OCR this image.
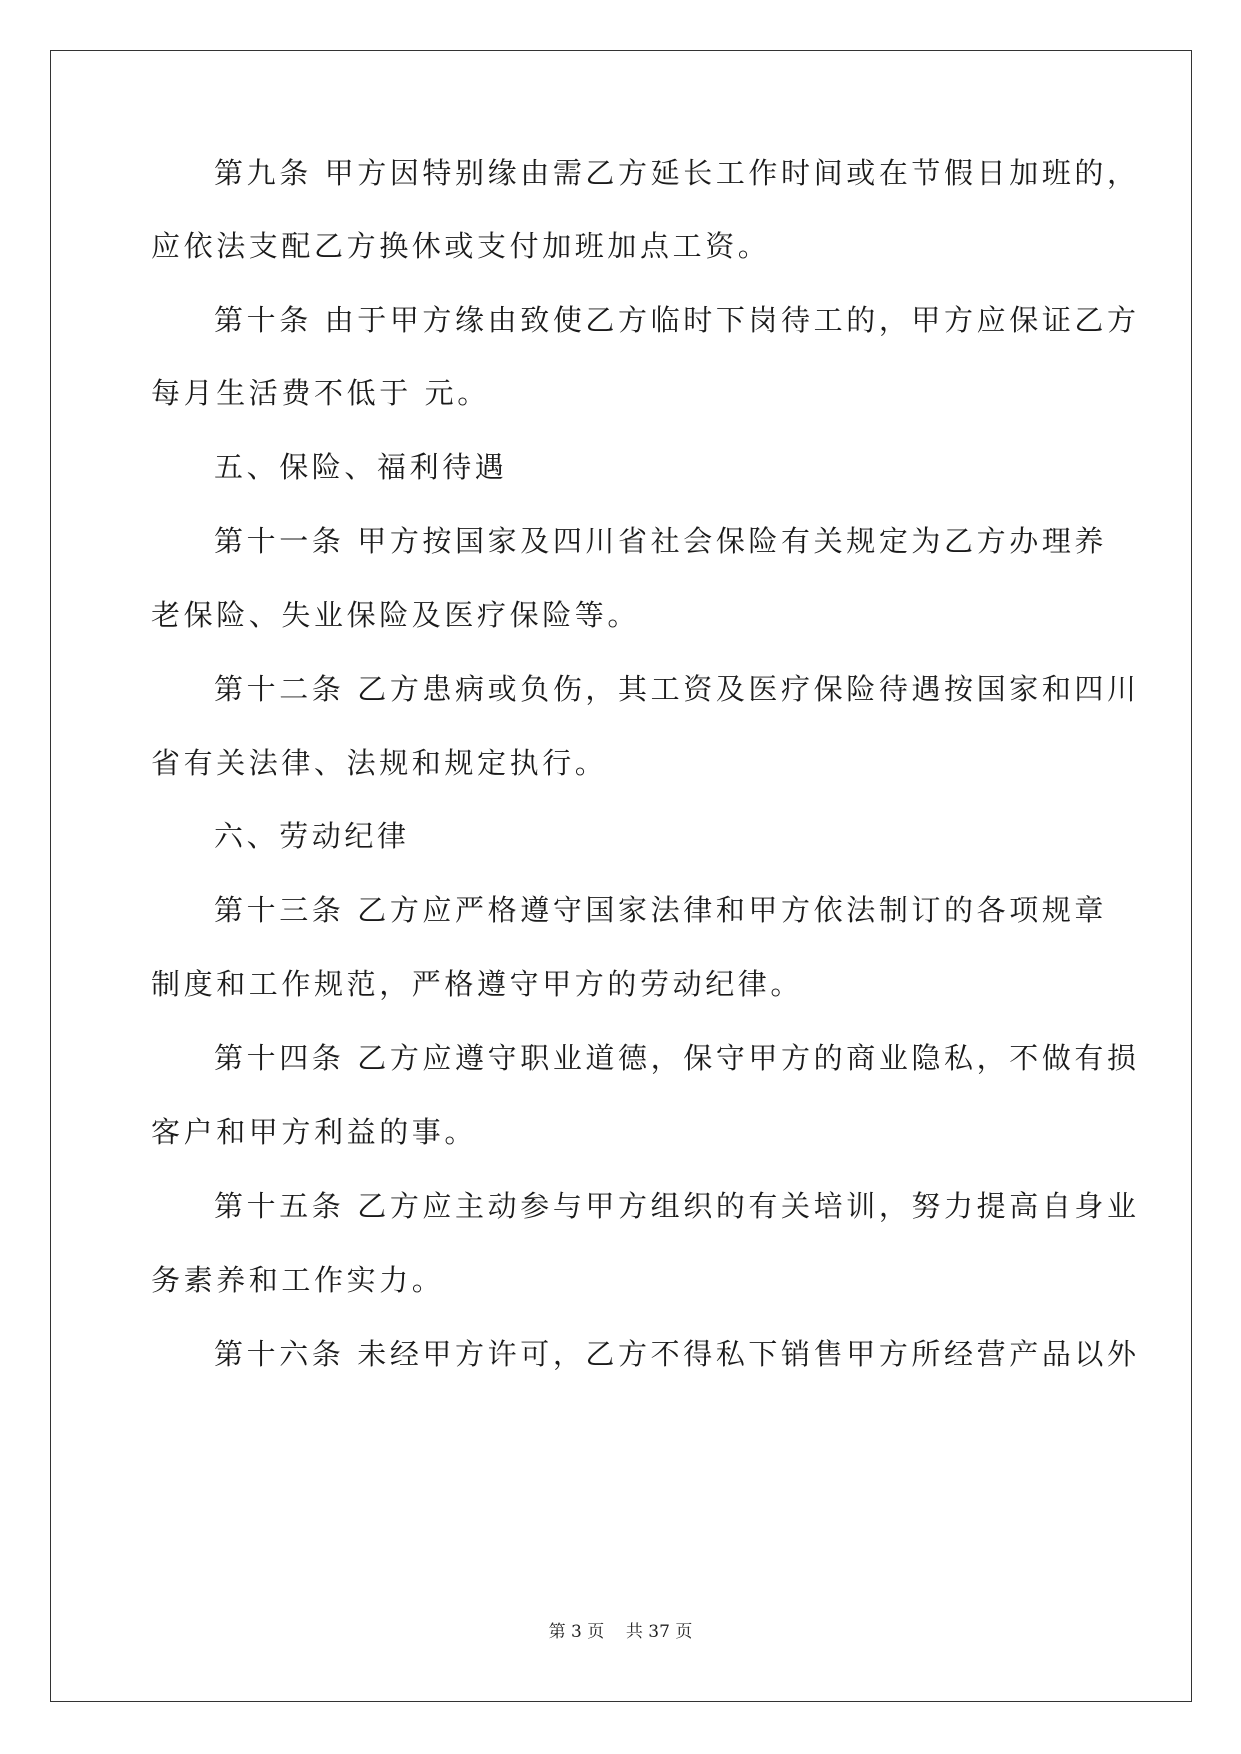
第九条 甲方因特别缘由需乙方延长工作时间或在节假日加班的，
应依法支配乙方换休或支付加班加点工资。
第十条 由于甲方缘由致使乙方临时下岗待工的，甲方应保证乙方
每月生活费不低于 元。
五、保险、福利待遇
第十一条 甲方按国家及四川省社会保险有关规定为乙方办理养
老保险、失业保险及医疗保险等。
第十二条 乙方患病或负伤，其工资及医疗保险待遇按国家和四川
省有关法律、法规和规定执行。
六、劳动纪律
第十三条 乙方应严格遵守国家法律和甲方依法制订的各项规章
制度和工作规范，严格遵守甲方的劳动纪律。
第十四条 乙方应遵守职业道德，保守甲方的商业隐私，不做有损
客户和甲方利益的事。
第十五条 乙方应主动参与甲方组织的有关培训，努力提高自身业
务素养和工作实力。
第十六条 未经甲方许可，乙方不得私下销售甲方所经营产品以外
第 3 页 共 37 页
